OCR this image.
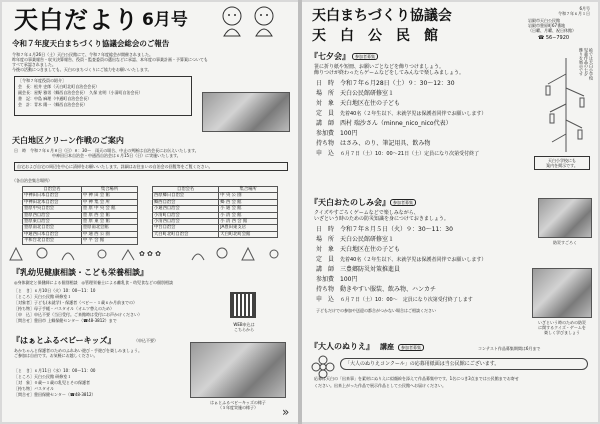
天白だより 6月号
令和７年度天白まちづくり協議会総会のご報告
令和７年４月26日（土）天白公民館にて、令和７年度総会が開催されました。
昨年度の事業報告・収支決算報告、役員・監査委員の選出などに承認、本年度の事業計画・予算案についても
すべて承認されました。
今後の活動につきましても、天白のまちづくりにご協力をお願いいたします。
［令和７年度役員の紹介］
会　長：松井 史郎（天白町北町自治会会長）
副会長：星野 雅男（郷西自治会会長）　久保 宏明（小清町自治会長）
書　記：中島 麻理（中通町自治会会長）
会　計：青木 陽一（郷西自治会会長）
天白地区クリーン作戦のご案内
日　時　令和７年６月８日（日）８：30〜　雨天の場合、中止の判断は自治会長にお伝えいたします。
中神田日本自治会・中通西自治会は６月15日（日）に実施いたします。
自宅および自宅の周辺を中心に清掃をお願いいたします。詳細はお住まいの自治会の回覧等をご覧ください。
（各自治会集合場所）
自治会名	集合場所
中神田日本自治会	中 神 田 会 館
中神田北本自治会	中 神 集 会 所
豊原中央自治会	豊 原 中 央 会 館
豊原西自治会	豊 原 西 会 館
豊原東自治会	豊 原 東 会 館
豊原南北自治会	豊原南北会館
中通西日本自治会	中 通 西 公 園
平和台北自治会	中 平 会 館
自治会名	集合場所
西原郷日自治会	中 央 公 園
郷西自治会	郷 西 会 館
小通西自治会	小 通 会 館
小清町自治会	小 清 会 館
小清西自治会	小 清 西 会 館
中台自治会	JA豊田東支店
天白町北町自治会	天白町北町会館
✿ ✿ ✿
『乳幼児健康相談・こども栄養相談』
◎身体測定と保健師による個別相談　◎管理栄養士による離乳食・幼児食などの個別相談
［と　き］６月10日（火）10：00〜11：10
［ところ］天白公民館 研修室１
［対象者］子ども(未就学)・保護者（ベビー・１歳６か月前までの）
［持ち物］母子手帳・バスタオル（オムツ替えのため）
［申　込］申込不要（当日受付。ご来館時は受付にお声かけください）
［問合せ］豊田市 上郷保健センター（☎48-3812）まで
WEB申込は
こちらから
『はぁとふるベビーキッズ』	（申込不要）
あかちゃんと保護者のためのふれあい遊び・手遊びを楽しみましょう。
ご参加は自由です。お気軽にお越しください。
［と　き］６月11日（水）10：00〜11：00
［ところ］天白公民館 研修室１
［対　象］０歳〜１歳の乳児とその保護者
［持ち物］バスタオル
［問合せ］豊田保健センター（☎48-3812）
はぁとふるベビーキッズの様子
（５年度実施の様子）	»
天白まちづくり協議会
天　白　公　民　館
6月号
令和７年６月１日
岩殿市天白公民館
岩殿市豊原町67番地
（日曜、月曜、祝日休館）
☎ 56−7920
『七夕会』	参加者募集
笹に折り紙や短冊、お願いごとなどを飾りつけましょう。
飾りつけが終わったらゲームなどをしてみんなで楽しみましょう。
日　時 令和７年６月28日（土）９：30〜12：30
場　所 天白公民館研修室１
対　象 天白地区在住の子ども
定　員 先着40名（２年生以下、未就学児は保護者同伴でお願いします）
講　師 西村 瑞沙さん（minne_nico_nico代表）
参加費 100円
持ち物 はさみ、のり、筆記用具、飲み物
申　込 ６月７日（土）10：00〜21日（土）定員になり次第受付終了
絵では天白小学校
児童作品の七夕
飾りを展示です
天白小学校にも
案内を掲示です。
『天白おたのしみ会』 参加者募集
クイズやすごろくゲームなどで楽しみながら、
いざという時のための防災知識を身につけておきましょう。
日　時 令和７年８月５日（火）９：30〜11：30
場　所 天白公民館研修室１
対　象 天白地区在住の子ども
定　員 先着40名（２年生以下、未就学児は保護者同伴でお願いします）
講　師 三豊郷防災対策推進員
参加費 100円
持ち物 動きやすい服装、飲み物、ハンカチ
申　込 ６月７日（土）10：00〜　定員になり次第受付終了します
子どもだけでの参加や送迎の都合がつかない場合はご相談ください
防災すごろく
いざという時のための防災
に関するクイズ・ゲームを
楽しく学びましょう
『大人のぬりえ』 講座	参加者募集	コンテスト作品募集期間は6月まで
「大人のぬりえコンクール」の応募用紙面は当公民館にございます。
応募は天白の「出来事」を素材にぬりえに似顔絵を添えて作品募集中です。1名につき3点までは公民館までお寄せ
ください。出来上がった作品で展示作品として公民館へお届けください。
